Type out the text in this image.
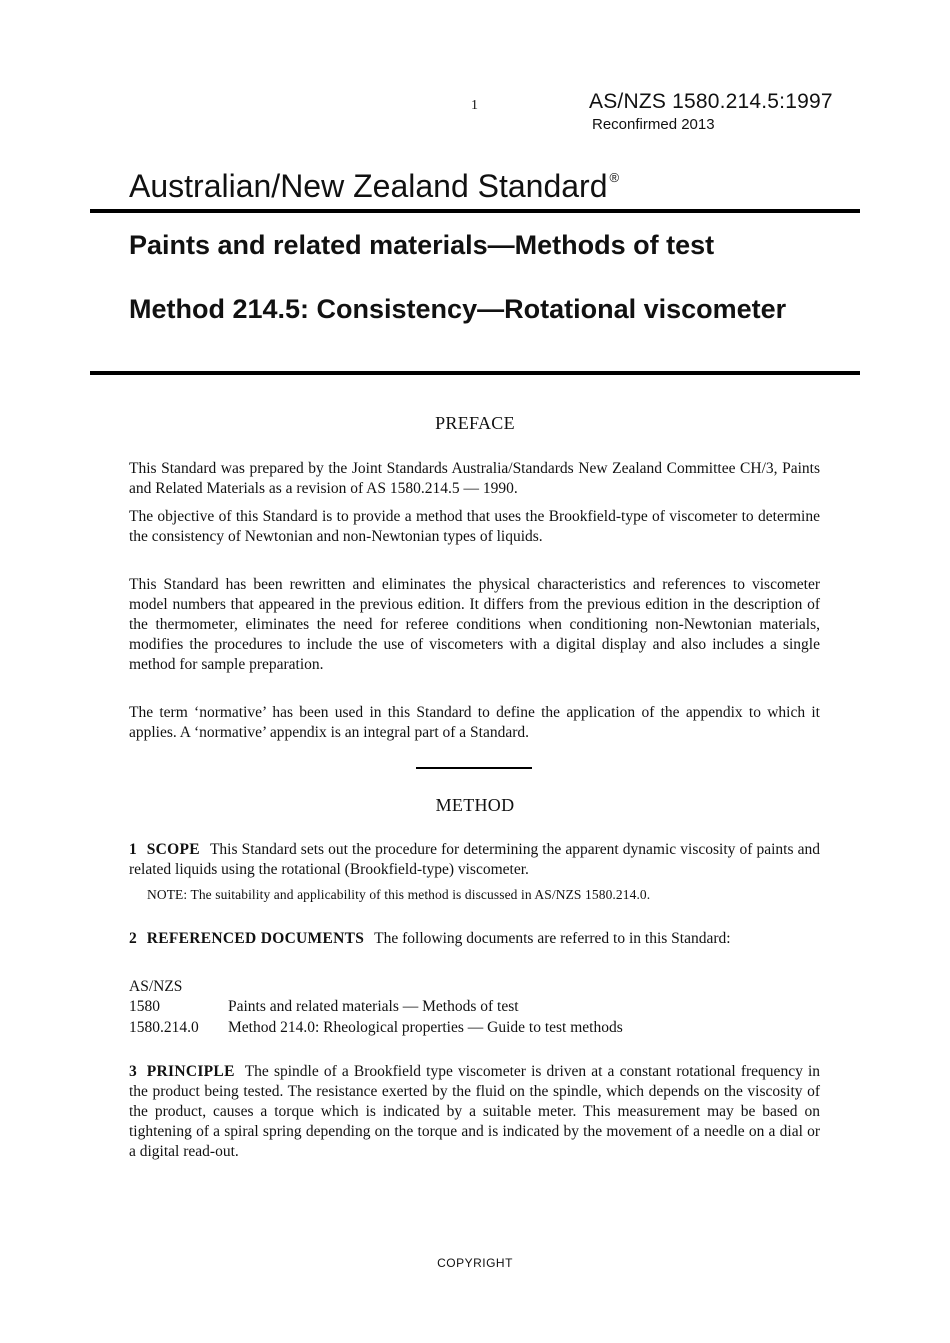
1	AS/NZS 1580.214.5:1997
Reconfirmed 2013
Australian/New Zealand Standard ®
Paints and related materials—Methods of test
Method 214.5: Consistency—Rotational viscometer
PREFACE

This Standard was prepared by the Joint Standards Australia/Standards New Zealand Committee CH/3, Paints and Related Materials as a revision of AS 1580.214.5 — 1990.

The objective of this Standard is to provide a method that uses the Brookfield-type of viscometer to determine the consistency of Newtonian and non-Newtonian types of liquids.

This Standard has been rewritten and eliminates the physical characteristics and references to viscometer model numbers that appeared in the previous edition. It differs from the previous edition in the description of the thermometer, eliminates the need for referee conditions when conditioning non-Newtonian materials, modifies the procedures to include the use of viscometers with a digital display and also includes a single method for sample preparation.

The term ‘normative’ has been used in this Standard to define the application of the appendix to which it applies. A ‘normative’ appendix is an integral part of a Standard.

METHOD

1 SCOPE This Standard sets out the procedure for determining the apparent dynamic viscosity of paints and related liquids using the rotational (Brookfield-type) viscometer.

NOTE: The suitability and applicability of this method is discussed in AS/NZS 1580.214.0.

2 REFERENCED DOCUMENTS The following documents are referred to in this Standard:

AS/NZS
1580	Paints and related materials — Methods of test
1580.214.0 Method 214.0: Rheological properties — Guide to test methods

3 PRINCIPLE The spindle of a Brookfield type viscometer is driven at a constant rotational frequency in the product being tested. The resistance exerted by the fluid on the spindle, which depends on the viscosity of the product, causes a torque which is indicated by a suitable meter. This measurement may be based on tightening of a spiral spring depending on the torque and is indicated by the movement of a needle on a dial or a digital read-out.

COPYRIGHT
